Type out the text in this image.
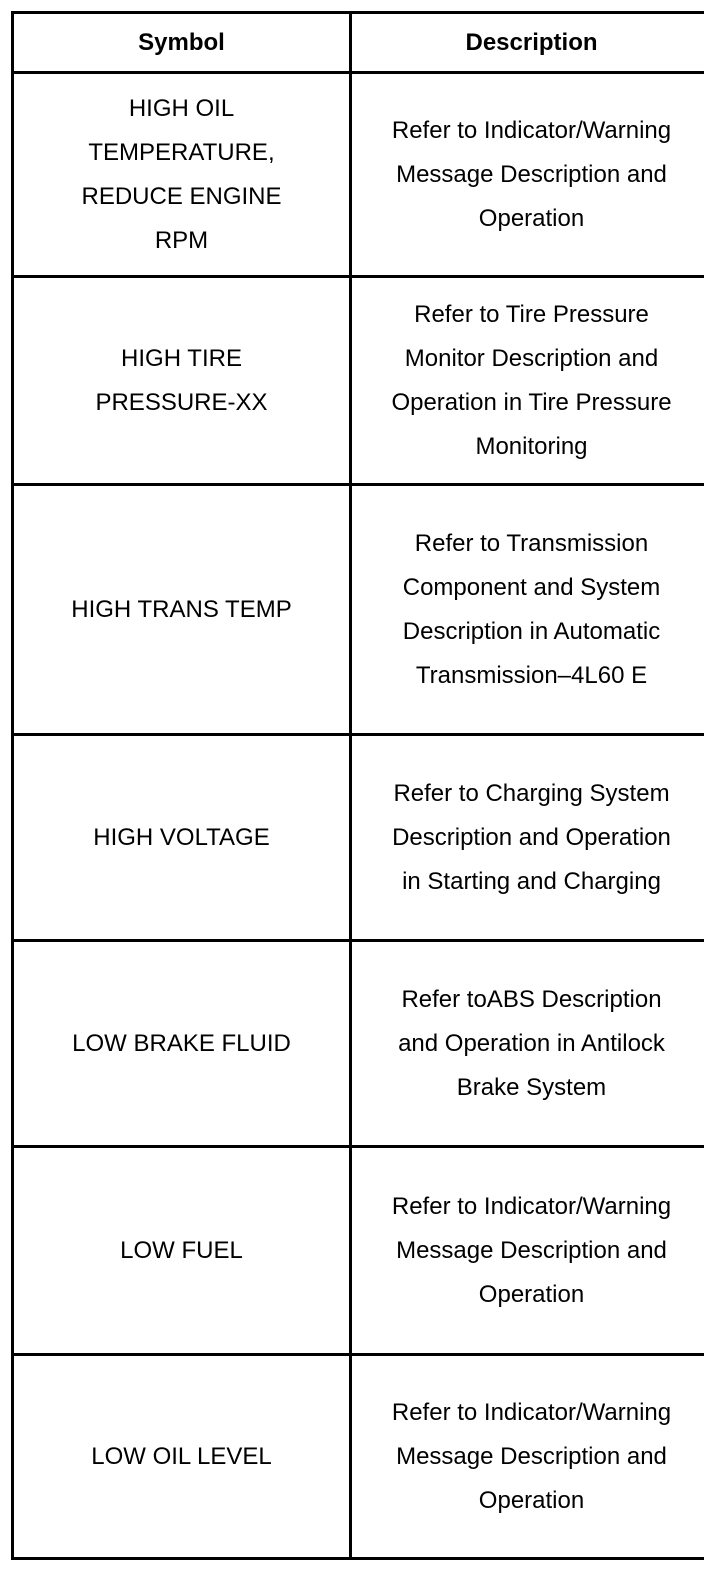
Symbol	Description

HIGH OIL TEMPERATURE, REDUCE ENGINE RPM	Refer to Indicator/Warning Message Description and Operation

HIGH TIRE PRESSURE-XX	Refer to Tire Pressure Monitor Description and Operation in Tire Pressure Monitoring

HIGH TRANS TEMP	Refer to Transmission Component and System Description in Automatic Transmission–4L60 E

HIGH VOLTAGE	Refer to Charging System Description and Operation in Starting and Charging

LOW BRAKE FLUID	Refer toABS Description and Operation in Antilock Brake System

LOW FUEL	Refer to Indicator/Warning Message Description and Operation

LOW OIL LEVEL	Refer to Indicator/Warning Message Description and Operation
